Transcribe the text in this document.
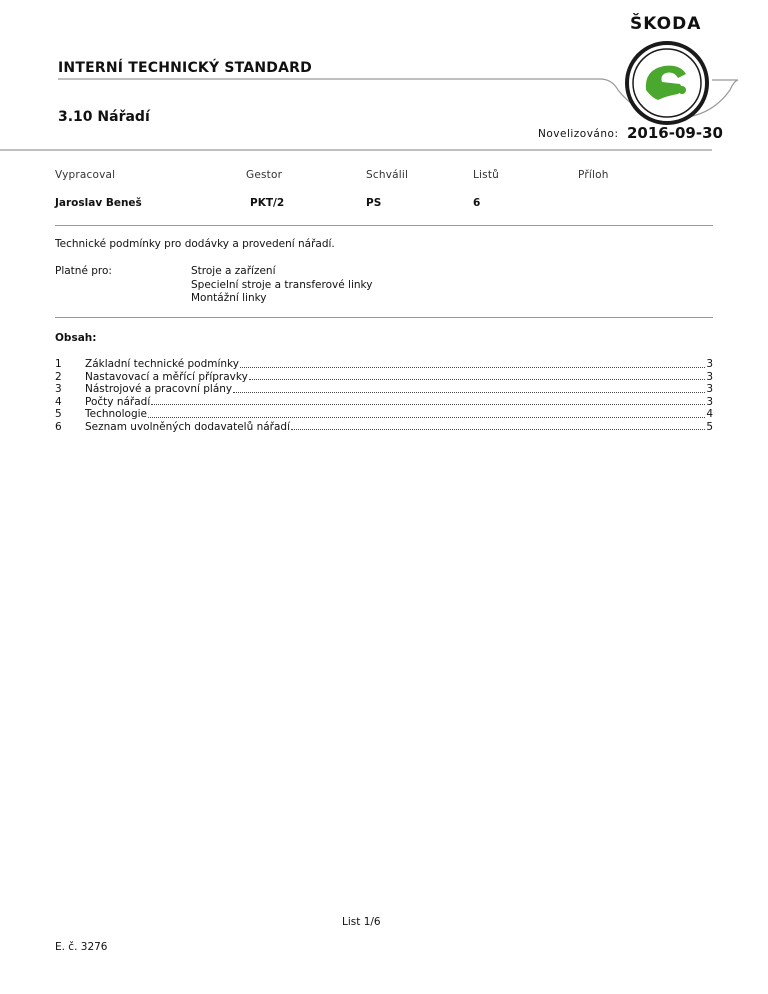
ŠKODA
INTERNÍ TECHNICKÝ STANDARD
3.10 Nářadí
Novelizováno: 2016-09-30
Vypracoval	Gestor	Schválil	Listů	Příloh
Jaroslav Beneš	PKT/2	PS	6
Technické podmínky pro dodávky a provedení nářadí.
Platné pro:	Stroje a zařízení
Specielní stroje a transferové linky
Montážní linky
Obsah:
1	Základní technické podmínky	3
2	Nastavovací a měřící přípravky	3
3	Nástrojové a pracovní plány	3
4	Počty nářadí	3
5	Technologie	4
6	Seznam uvolněných dodavatelů nářadí	5
List 1/6
E. č. 3276
